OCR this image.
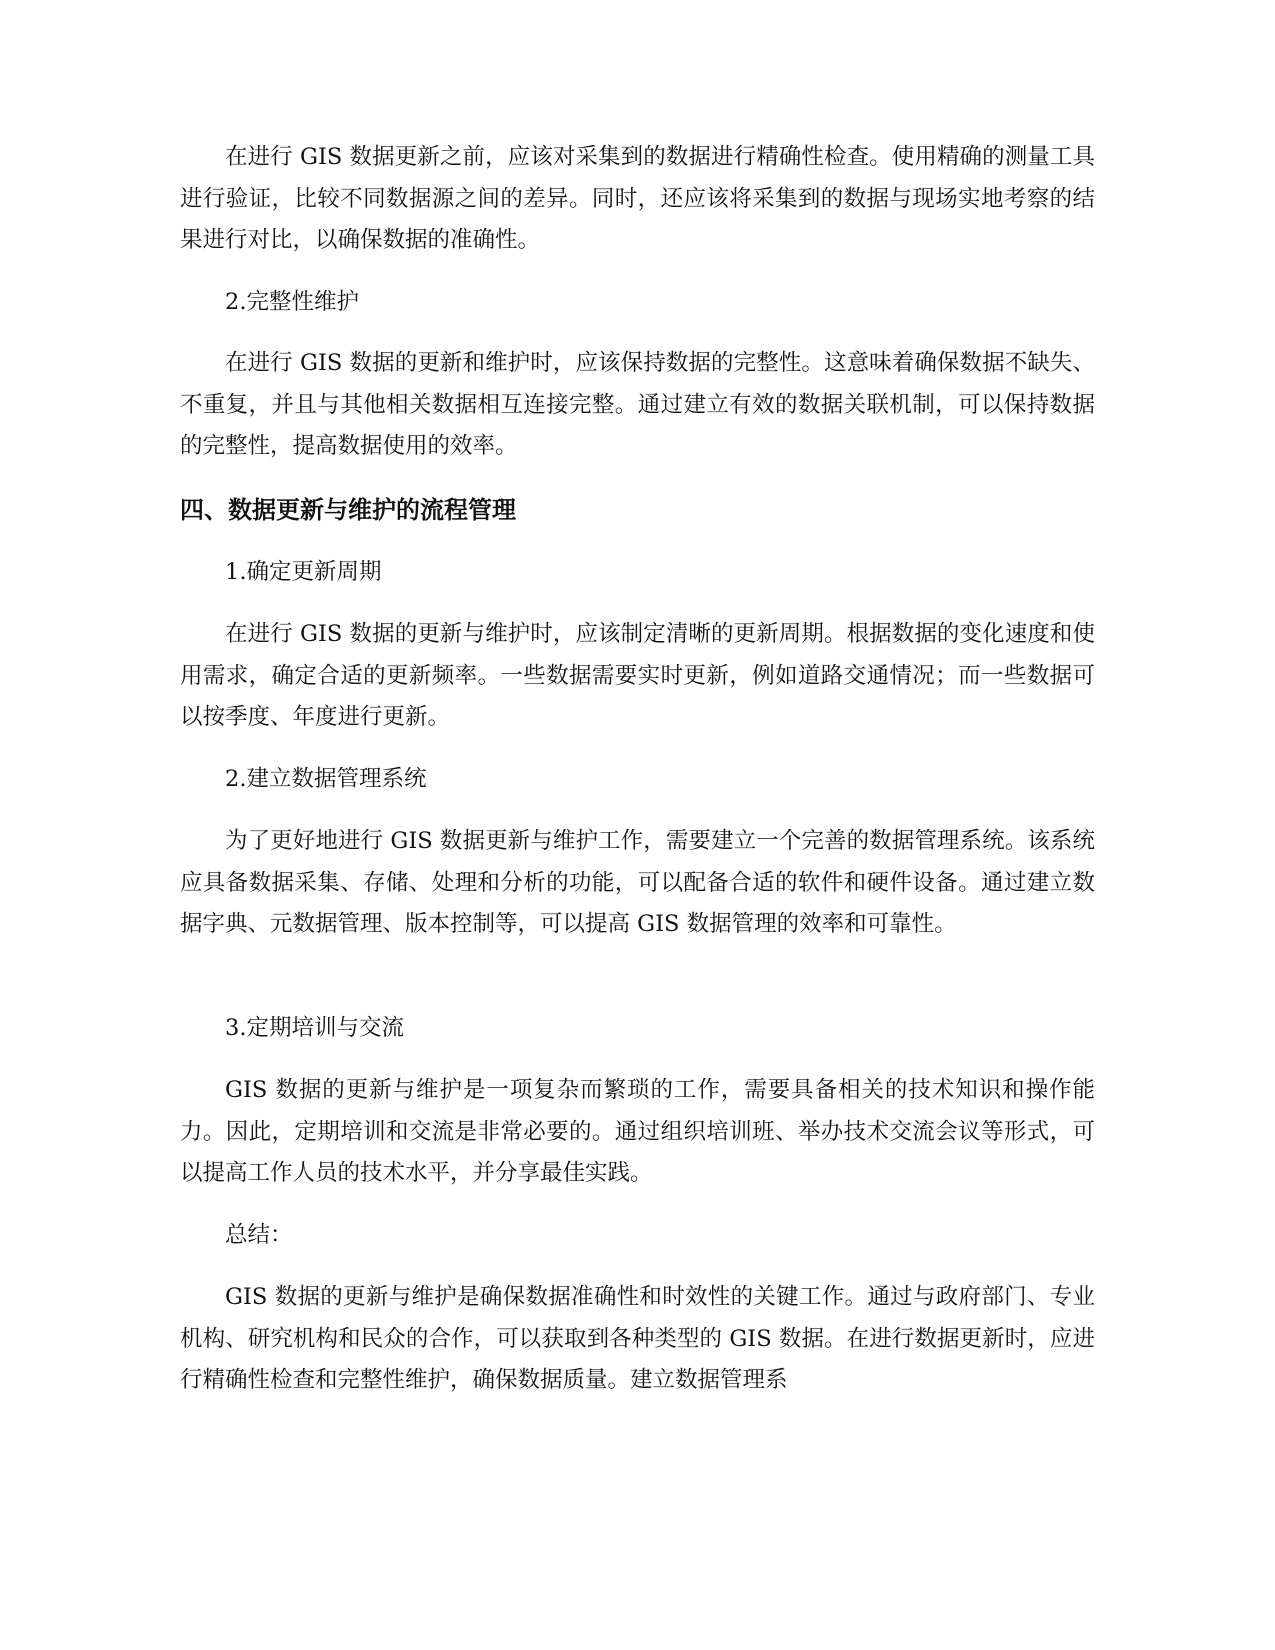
在进行 GIS 数据更新之前，应该对采集到的数据进行精确性检查。使用精确的测量工具进行验证，比较不同数据源之间的差异。同时，还应该将采集到的数据与现场实地考察的结果进行对比，以确保数据的准确性。

2.完整性维护

在进行 GIS 数据的更新和维护时，应该保持数据的完整性。这意味着确保数据不缺失、不重复，并且与其他相关数据相互连接完整。通过建立有效的数据关联机制，可以保持数据的完整性，提高数据使用的效率。

四、数据更新与维护的流程管理

1.确定更新周期

在进行 GIS 数据的更新与维护时，应该制定清晰的更新周期。根据数据的变化速度和使用需求，确定合适的更新频率。一些数据需要实时更新，例如道路交通情况；而一些数据可以按季度、年度进行更新。

2.建立数据管理系统

为了更好地进行 GIS 数据更新与维护工作，需要建立一个完善的数据管理系统。该系统应具备数据采集、存储、处理和分析的功能，可以配备合适的软件和硬件设备。通过建立数据字典、元数据管理、版本控制等，可以提高 GIS 数据管理的效率和可靠性。

3.定期培训与交流

GIS 数据的更新与维护是一项复杂而繁琐的工作，需要具备相关的技术知识和操作能力。因此，定期培训和交流是非常必要的。通过组织培训班、举办技术交流会议等形式，可以提高工作人员的技术水平，并分享最佳实践。

总结：

GIS 数据的更新与维护是确保数据准确性和时效性的关键工作。通过与政府部门、专业机构、研究机构和民众的合作，可以获取到各种类型的 GIS 数据。在进行数据更新时，应进行精确性检查和完整性维护，确保数据质量。建立数据管理系
